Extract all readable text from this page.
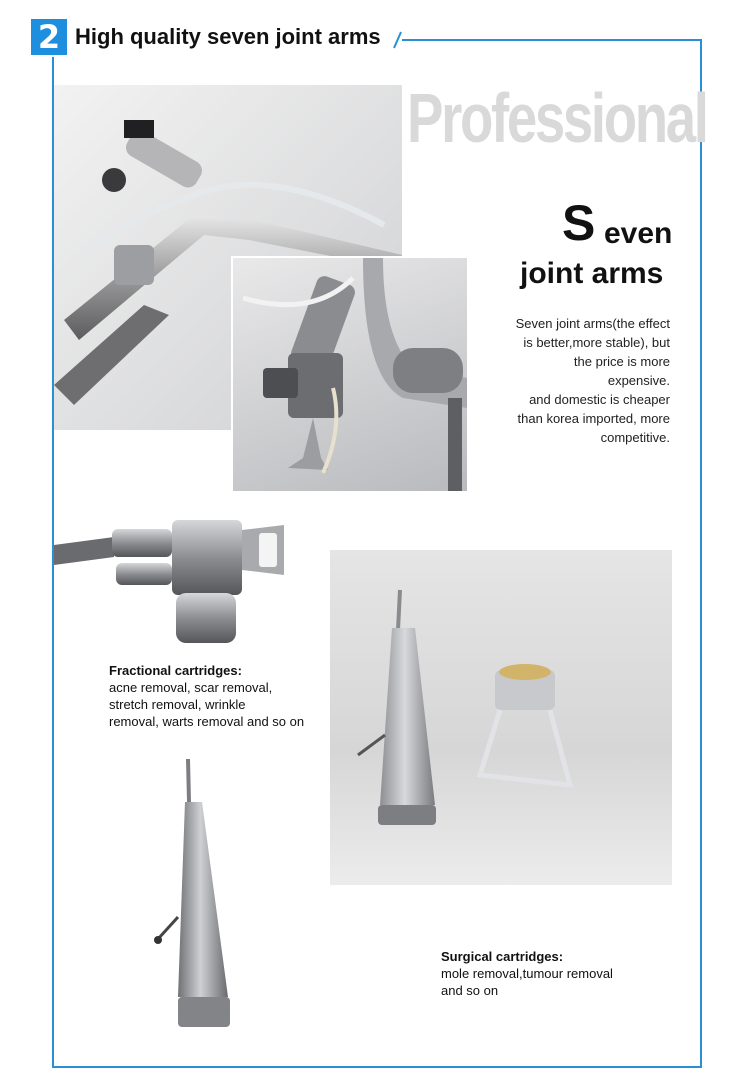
2 High quality seven joint arms
Professional
S even
joint arms
Seven joint arms(the effect
is better,more stable), but
the price is more
expensive.
and domestic is cheaper
than korea imported, more
competitive.
Fractional cartridges:
acne removal, scar removal,
stretch removal, wrinkle
removal, warts removal and so on
Surgical cartridges:
mole removal,tumour removal
and so on
